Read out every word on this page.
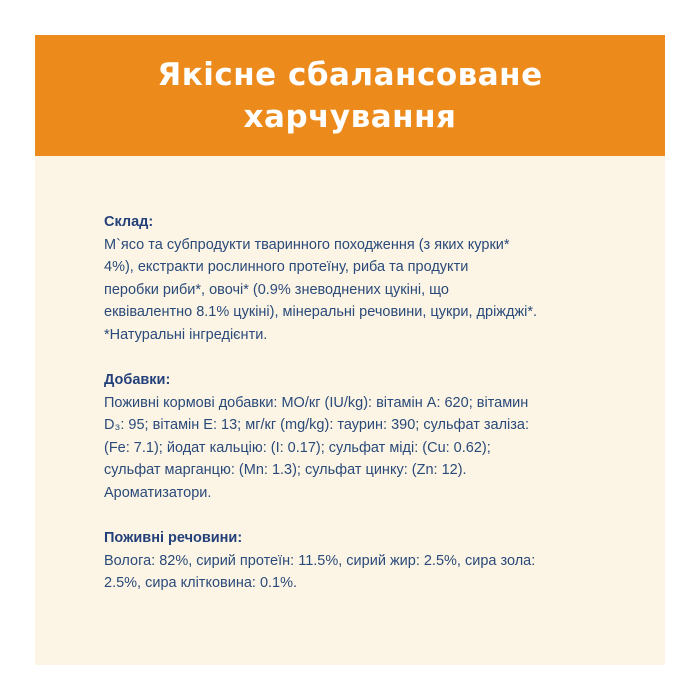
Якісне сбалансоване
харчування
Склад:
М`ясо та субпродукти тваринного походження (з яких курки*
4%), екстракти рослинного протеїну, риба та продукти
перобки риби*, овочі* (0.9% зневоднених цукіні, що
еквівалентно 8.1% цукіні), мінеральні речовини, цукри, дріжджі*.
*Натуральні інгредієнти.
Добавки:
Поживні кормові добавки: МО/кг (IU/kg): вітамін А: 620; вітамин
D₃: 95; вітамін Е: 13; мг/кг (mg/kg): таурин: 390; сульфат заліза:
(Fe: 7.1); йодат кальцію: (I: 0.17); сульфат міді: (Cu: 0.62);
сульфат марганцю: (Mn: 1.3); сульфат цинку: (Zn: 12).
Ароматизатори.
Поживні речовини:
Волога: 82%, сирий протеїн: 11.5%, сирий жир: 2.5%, сира зола:
2.5%, сира клітковина: 0.1%.
